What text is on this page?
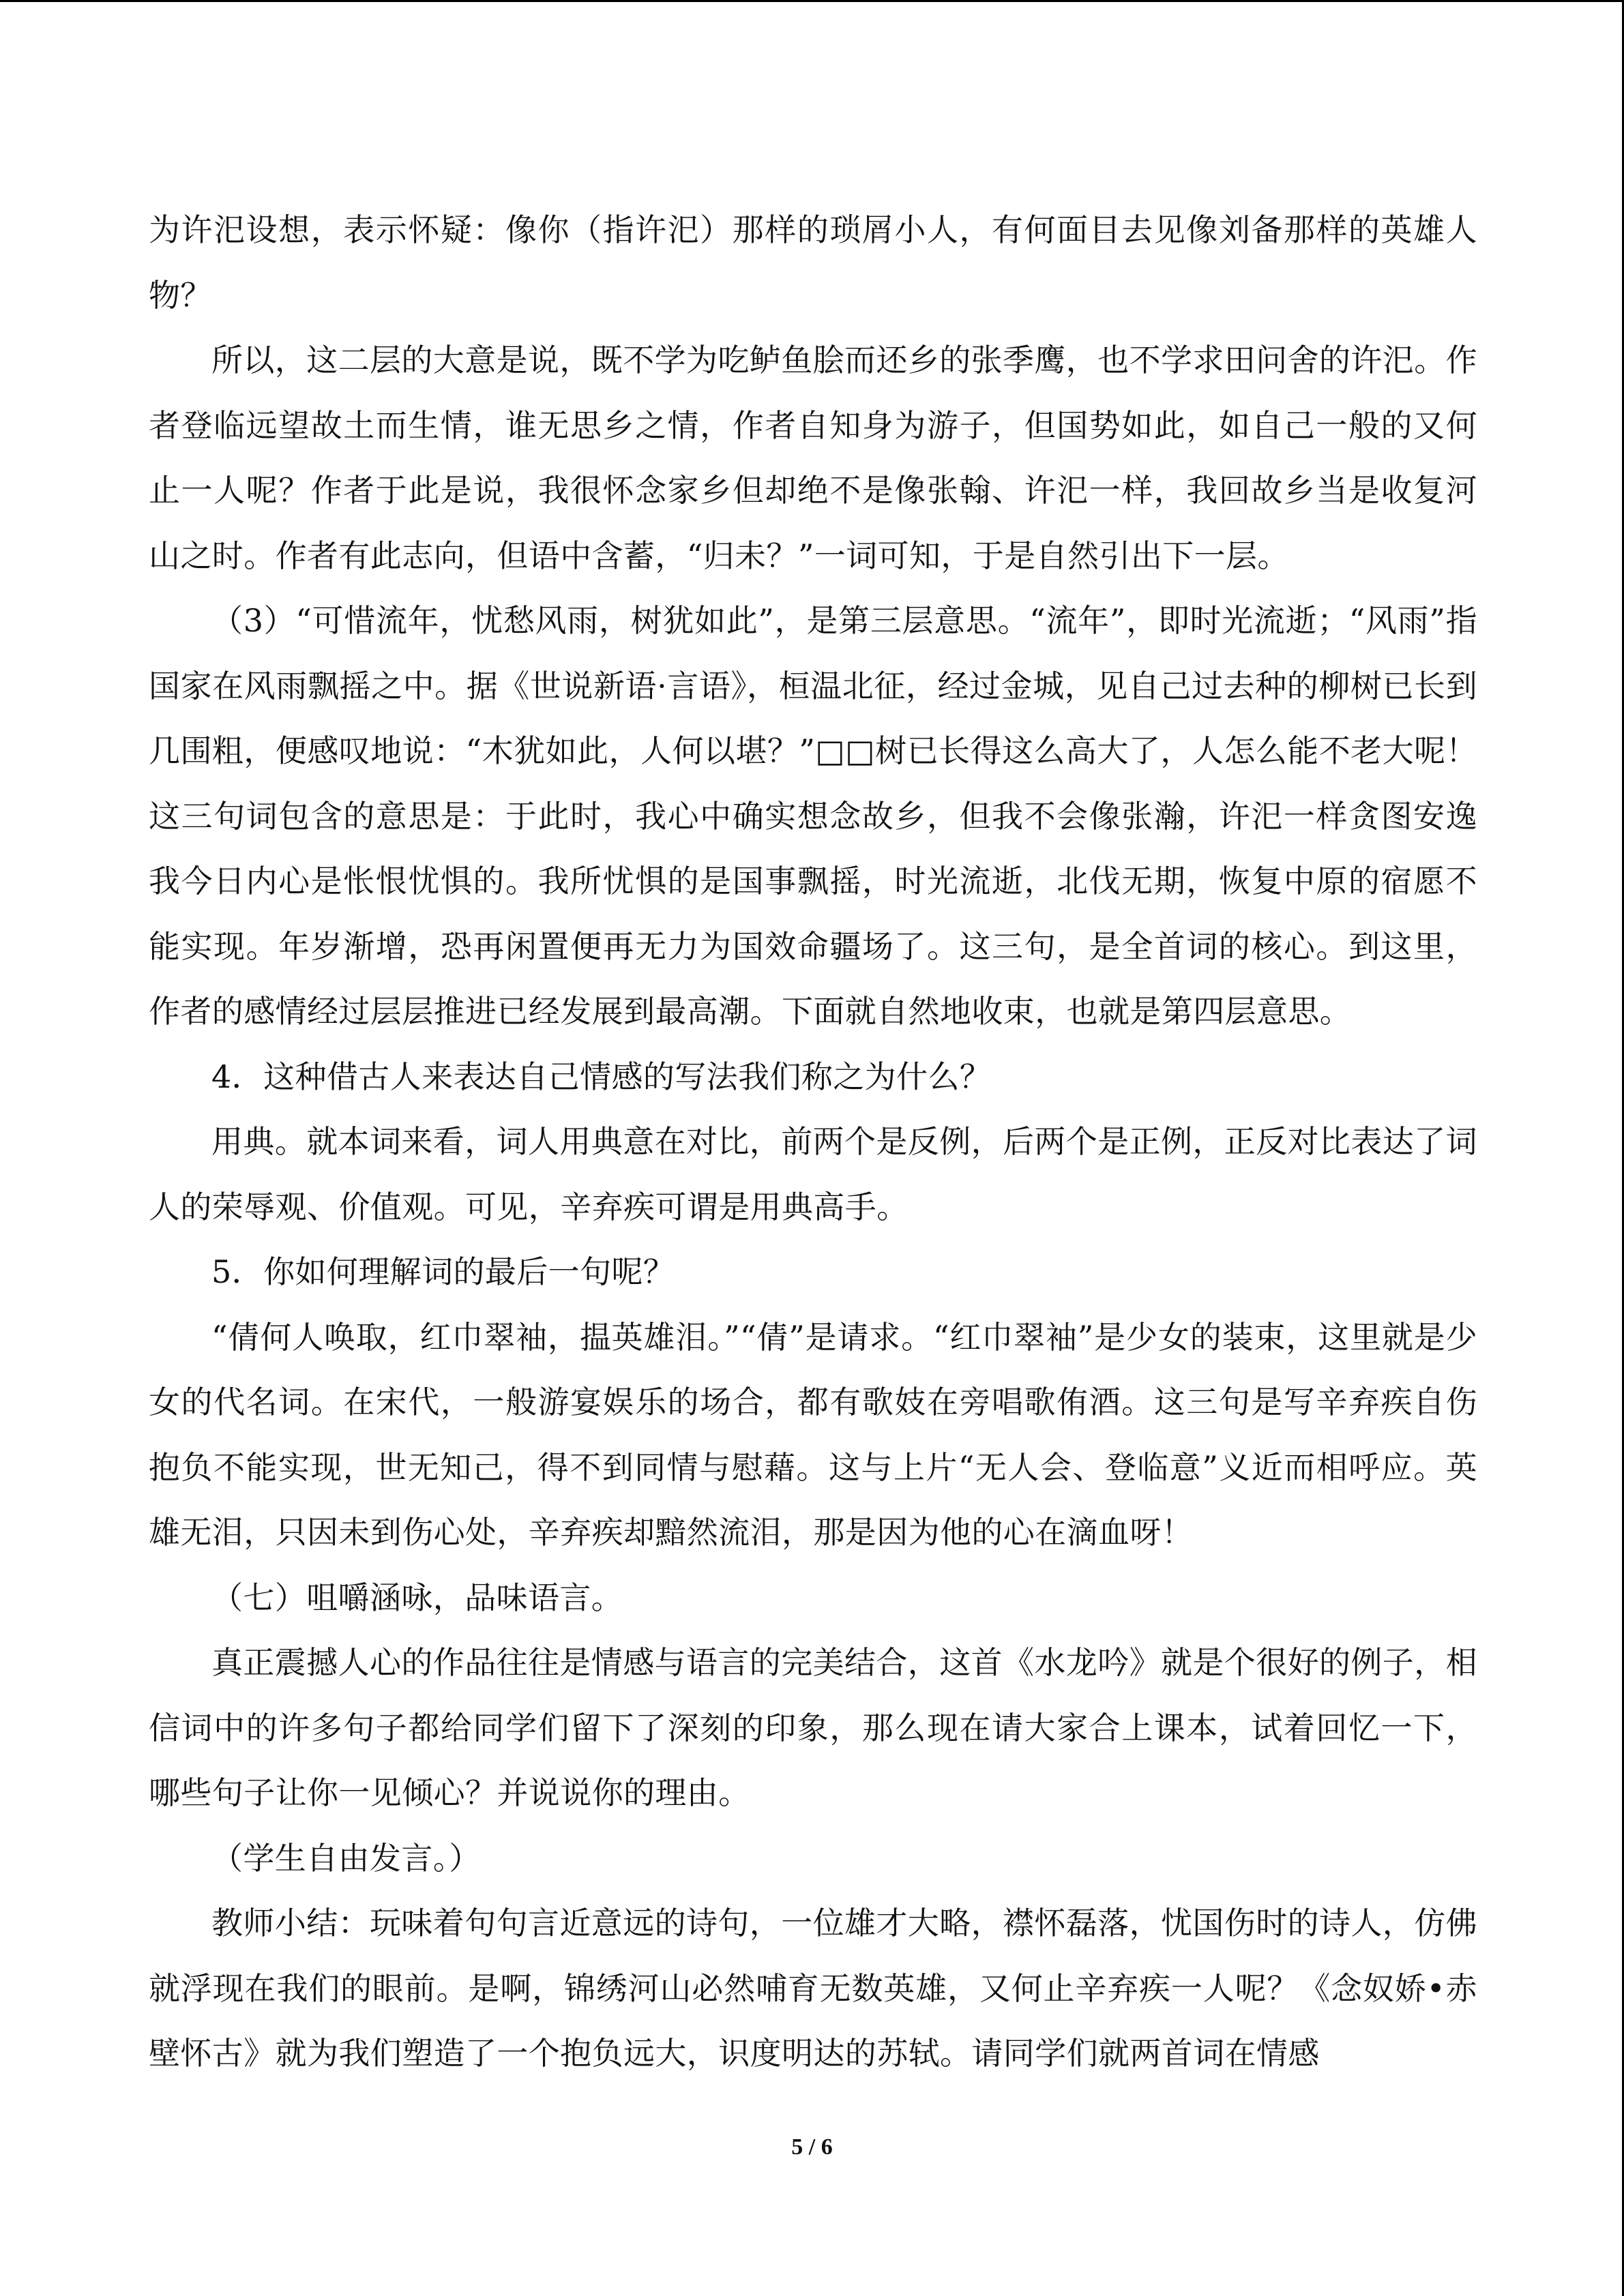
为许汜设想，表示怀疑：像你（指许汜）那样的琐屑小人，有何面目去见像刘备那样的英雄人物？

所以，这二层的大意是说，既不学为吃鲈鱼脍而还乡的张季鹰，也不学求田问舍的许汜。作者登临远望故土而生情，谁无思乡之情，作者自知身为游子，但国势如此，如自己一般的又何止一人呢？作者于此是说，我很怀念家乡但却绝不是像张翰、许汜一样，我回故乡当是收复河山之时。作者有此志向，但语中含蓄，“归未？”一词可知，于是自然引出下一层。

（3）“可惜流年，忧愁风雨，树犹如此”，是第三层意思。“流年”，即时光流逝；“风雨”指国家在风雨飘摇之中。据《世说新语·言语》，桓温北征，经过金城，见自己过去种的柳树已长到几围粗，便感叹地说：“木犹如此，人何以堪？”□□树已长得这么高大了，人怎么能不老大呢！这三句词包含的意思是：于此时，我心中确实想念故乡，但我不会像张瀚，许汜一样贪图安逸我今日内心是怅恨忧惧的。我所忧惧的是国事飘摇，时光流逝，北伐无期，恢复中原的宿愿不能实现。年岁渐增，恐再闲置便再无力为国效命疆场了。这三句，是全首词的核心。到这里，作者的感情经过层层推进已经发展到最高潮。下面就自然地收束，也就是第四层意思。

4．这种借古人来表达自己情感的写法我们称之为什么？

用典。就本词来看，词人用典意在对比，前两个是反例，后两个是正例，正反对比表达了词人的荣辱观、价值观。可见，辛弃疾可谓是用典高手。

5．你如何理解词的最后一句呢？

“倩何人唤取，红巾翠袖，揾英雄泪。”“倩”是请求。“红巾翠袖”是少女的装束，这里就是少女的代名词。在宋代，一般游宴娱乐的场合，都有歌妓在旁唱歌侑酒。这三句是写辛弃疾自伤抱负不能实现，世无知己，得不到同情与慰藉。这与上片“无人会、登临意”义近而相呼应。英雄无泪，只因未到伤心处，辛弃疾却黯然流泪，那是因为他的心在滴血呀！

（七）咀嚼涵咏，品味语言。

真正震撼人心的作品往往是情感与语言的完美结合，这首《水龙吟》就是个很好的例子，相信词中的许多句子都给同学们留下了深刻的印象，那么现在请大家合上课本，试着回忆一下，哪些句子让你一见倾心？并说说你的理由。

（学生自由发言。）

教师小结：玩味着句句言近意远的诗句，一位雄才大略，襟怀磊落，忧国伤时的诗人，仿佛就浮现在我们的眼前。是啊，锦绣河山必然哺育无数英雄，又何止辛弃疾一人呢？《念奴娇•赤壁怀古》就为我们塑造了一个抱负远大，识度明达的苏轼。请同学们就两首词在情感

5 / 6
